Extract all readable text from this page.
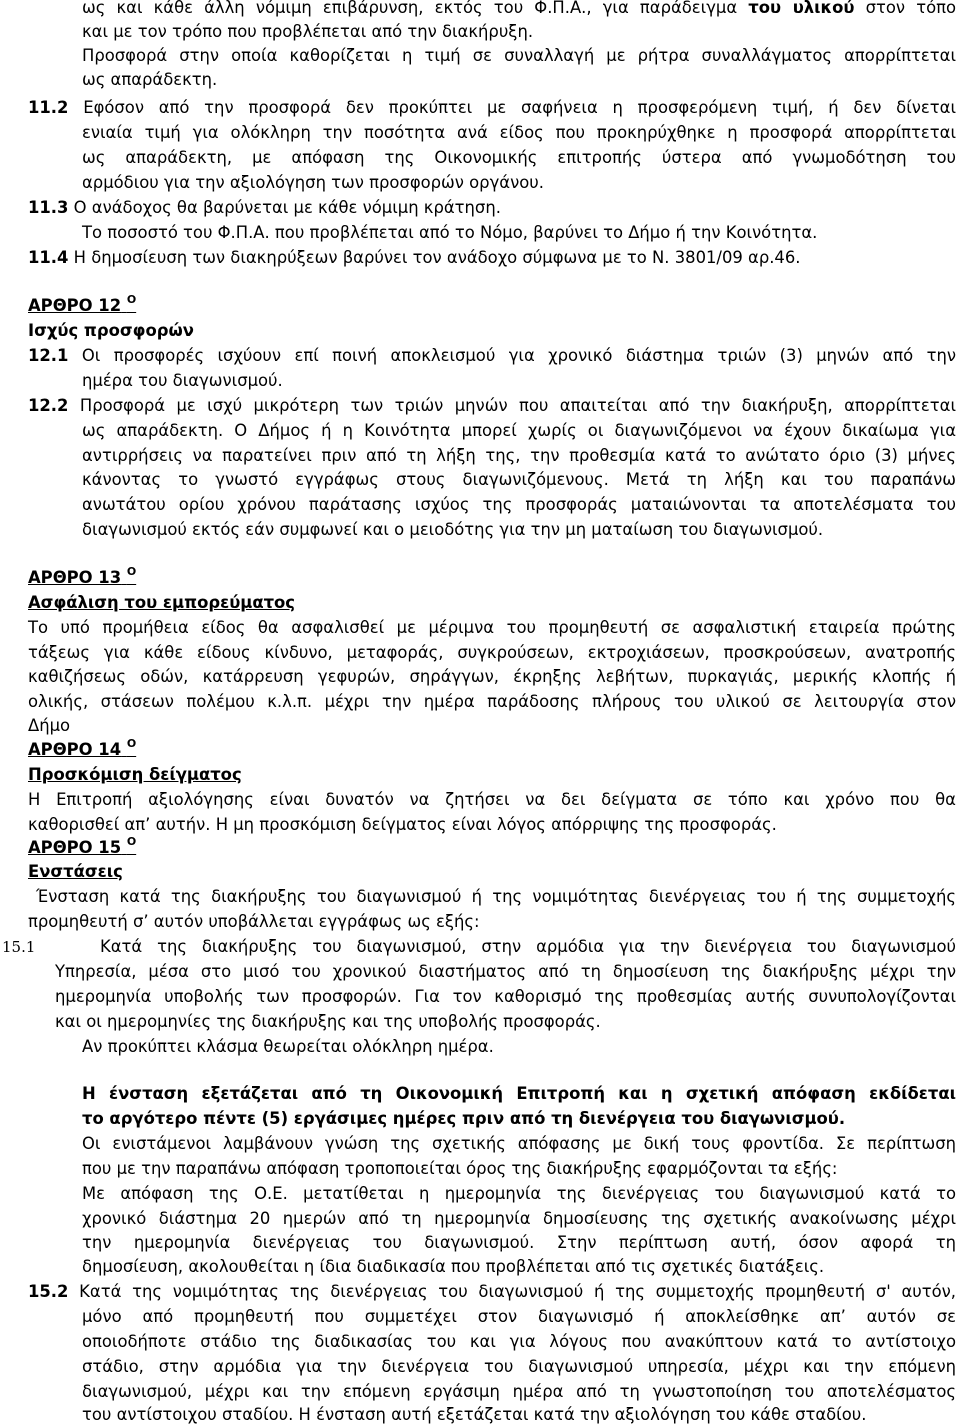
ως και κάθε άλλη νόμιμη επιβάρυνση, εκτός του Φ.Π.Α., για παράδειγμα του υλικού στον τόπο
και με τον τρόπο που προβλέπεται από την διακήρυξη.
Προσφορά στην οποία καθορίζεται η τιμή σε συναλλαγή με ρήτρα συναλλάγματος απορρίπτεται
ως απαράδεκτη.
11.2 Εφόσον από την προσφορά δεν προκύπτει με σαφήνεια η προσφερόμενη τιμή, ή δεν δίνεται
ενιαία τιμή για ολόκληρη την ποσότητα ανά είδος που προκηρύχθηκε η προσφορά απορρίπτεται
ως απαράδεκτη, με απόφαση της Οικονομικής επιτροπής ύστερα από γνωμοδότηση του
αρμόδιου για την αξιολόγηση των προσφορών οργάνου.
11.3 Ο ανάδοχος θα βαρύνεται με κάθε νόμιμη κράτηση.
Το ποσοστό του Φ.Π.Α. που προβλέπεται από το Νόμο, βαρύνει το Δήμο ή την Κοινότητα.
11.4 Η δημοσίευση των διακηρύξεων βαρύνει τον ανάδοχο σύμφωνα με το Ν. 3801/09 αρ.46.
ΑΡΘΡΟ 12 $^O$
Ισχύς προσφορών
12.1 Οι προσφορές ισχύουν επί ποινή αποκλεισμού για χρονικό διάστημα τριών (3) μηνών από την
ημέρα του διαγωνισμού.
12.2 Προσφορά με ισχύ μικρότερη των τριών μηνών που απαιτείται από την διακήρυξη, απορρίπτεται
ως απαράδεκτη. Ο Δήμος ή η Κοινότητα μπορεί χωρίς οι διαγωνιζόμενοι να έχουν δικαίωμα για
αντιρρήσεις να παρατείνει πριν από τη λήξη της, την προθεσμία κατά το ανώτατο όριο (3) μήνες
κάνοντας το γνωστό εγγράφως στους διαγωνιζόμενους. Μετά τη λήξη και του παραπάνω
ανωτάτου ορίου χρόνου παράτασης ισχύος της προσφοράς ματαιώνονται τα αποτελέσματα του
διαγωνισμού εκτός εάν συμφωνεί και ο μειοδότης για την μη ματαίωση του διαγωνισμού.
ΑΡΘΡΟ 13 $^O$
Ασφάλιση του εμπορεύματος
Το υπό προμήθεια είδος θα ασφαλισθεί με μέριμνα του προμηθευτή σε ασφαλιστική εταιρεία πρώτης
τάξεως για κάθε είδους κίνδυνο, μεταφοράς, συγκρούσεων, εκτροχιάσεων, προσκρούσεων, ανατροπής
καθιζήσεως οδών, κατάρρευση γεφυρών, σηράγγων, έκρηξης λεβήτων, πυρκαγιάς, μερικής κλοπής ή
ολικής, στάσεων πολέμου κ.λ.π. μέχρι την ημέρα παράδοσης πλήρους του υλικού σε λειτουργία στον
Δήμο
ΑΡΘΡΟ 14 $^O$
Προσκόμιση δείγματος
Η Επιτροπή αξιολόγησης είναι δυνατόν να ζητήσει να δει δείγματα σε τόπο και χρόνο που θα
καθορισθεί απ’ αυτήν. Η μη προσκόμιση δείγματος είναι λόγος απόρριψης της προσφοράς.
ΑΡΘΡΟ 15 $^O$
Ενστάσεις
Ένσταση κατά της διακήρυξης του διαγωνισμού ή της νομιμότητας διενέργειας του ή της συμμετοχής
προμηθευτή σ’ αυτόν υποβάλλεται εγγράφως ως εξής:
15.1	Κατά της διακήρυξης του διαγωνισμού, στην αρμόδια για την διενέργεια του διαγωνισμού
Υπηρεσία, μέσα στο μισό του χρονικού διαστήματος από τη δημοσίευση της διακήρυξης μέχρι την
ημερομηνία υποβολής των προσφορών. Για τον καθορισμό της προθεσμίας αυτής συνυπολογίζονται
και οι ημερομηνίες της διακήρυξης και της υποβολής προσφοράς.
Αν προκύπτει κλάσμα θεωρείται ολόκληρη ημέρα.
Η ένσταση εξετάζεται από τη Οικονομική Επιτροπή και η σχετική απόφαση εκδίδεται
το αργότερο πέντε (5) εργάσιμες ημέρες πριν από τη διενέργεια του διαγωνισμού.
Οι ενιστάμενοι λαμβάνουν γνώση της σχετικής απόφασης με δική τους φροντίδα. Σε περίπτωση
που με την παραπάνω απόφαση τροποποιείται όρος της διακήρυξης εφαρμόζονται τα εξής:
Με απόφαση της Ο.Ε. μετατίθεται η ημερομηνία της διενέργειας του διαγωνισμού κατά το
χρονικό διάστημα 20 ημερών από τη ημερομηνία δημοσίευσης της σχετικής ανακοίνωσης μέχρι
την ημερομηνία διενέργειας του διαγωνισμού. Στην περίπτωση αυτή, όσον αφορά τη
δημοσίευση, ακολουθείται η ίδια διαδικασία που προβλέπεται από τις σχετικές διατάξεις.
15.2 Κατά της νομιμότητας της διενέργειας του διαγωνισμού ή της συμμετοχής προμηθευτή σ' αυτόν,
μόνο από προμηθευτή που συμμετέχει στον διαγωνισμό ή αποκλείσθηκε απ’ αυτόν σε
οποιοδήποτε στάδιο της διαδικασίας του και για λόγους που ανακύπτουν κατά το αντίστοιχο
στάδιο, στην αρμόδια για την διενέργεια του διαγωνισμού υπηρεσία, μέχρι και την επόμενη
διαγωνισμού, μέχρι και την επόμενη εργάσιμη ημέρα από τη γνωστοποίηση του αποτελέσματος
του αντίστοιχου σταδίου. Η ένσταση αυτή εξετάζεται κατά την αξιολόγηση του κάθε σταδίου.
